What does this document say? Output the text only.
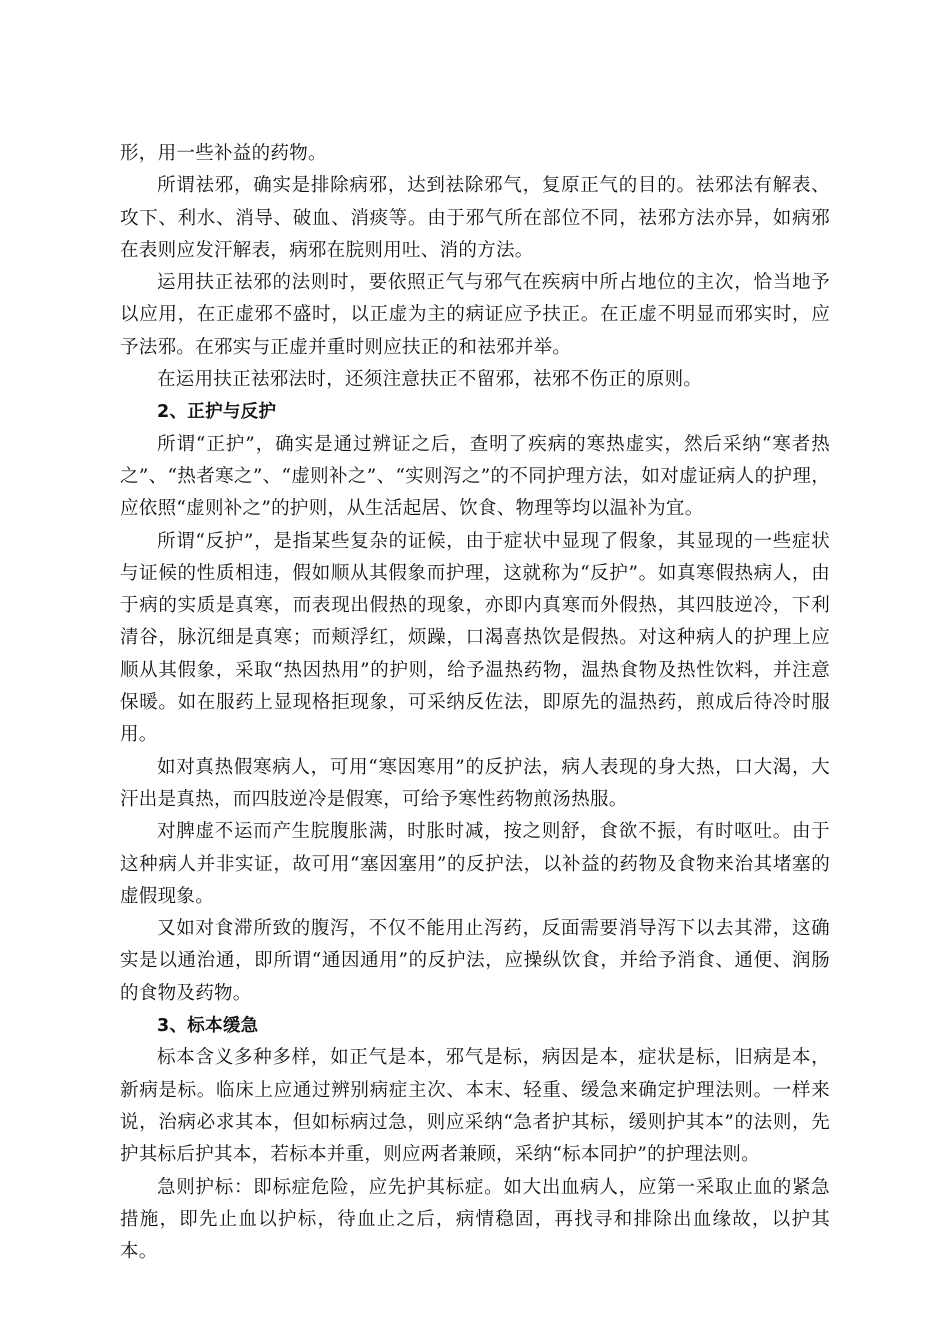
形，用一些补益的药物。

所谓祛邪，确实是排除病邪，达到祛除邪气，复原正气的目的。祛邪法有解表、攻下、利水、消导、破血、消痰等。由于邪气所在部位不同，祛邪方法亦异，如病邪在表则应发汗解表，病邪在脘则用吐、消的方法。

运用扶正祛邪的法则时，要依照正气与邪气在疾病中所占地位的主次，恰当地予以应用，在正虚邪不盛时，以正虚为主的病证应予扶正。在正虚不明显而邪实时，应予法邪。在邪实与正虚并重时则应扶正的和祛邪并举。

在运用扶正祛邪法时，还须注意扶正不留邪，祛邪不伤正的原则。

2、正护与反护

所谓“正护”，确实是通过辨证之后，查明了疾病的寒热虚实，然后采纳“寒者热之”、“热者寒之”、“虚则补之”、“实则泻之”的不同护理方法，如对虚证病人的护理，应依照“虚则补之”的护则，从生活起居、饮食、物理等均以温补为宜。

所谓“反护”，是指某些复杂的证候，由于症状中显现了假象，其显现的一些症状与证候的性质相违，假如顺从其假象而护理，这就称为“反护”。如真寒假热病人，由于病的实质是真寒，而表现出假热的现象，亦即内真寒而外假热，其四肢逆冷，下利清谷，脉沉细是真寒；而颊浮红，烦躁，口渴喜热饮是假热。对这种病人的护理上应顺从其假象，采取“热因热用”的护则，给予温热药物，温热食物及热性饮料，并注意保暖。如在服药上显现格拒现象，可采纳反佐法，即原先的温热药，煎成后待冷时服用。

如对真热假寒病人，可用“寒因寒用”的反护法，病人表现的身大热，口大渴，大汗出是真热，而四肢逆冷是假寒，可给予寒性药物煎汤热服。

对脾虚不运而产生脘腹胀满，时胀时减，按之则舒，食欲不振，有时呕吐。由于这种病人并非实证，故可用“塞因塞用”的反护法，以补益的药物及食物来治其堵塞的虚假现象。

又如对食滞所致的腹泻，不仅不能用止泻药，反面需要消导泻下以去其滞，这确实是以通治通，即所谓“通因通用”的反护法，应操纵饮食，并给予消食、通便、润肠的食物及药物。

3、标本缓急

标本含义多种多样，如正气是本，邪气是标，病因是本，症状是标，旧病是本，新病是标。临床上应通过辨别病症主次、本末、轻重、缓急来确定护理法则。一样来说，治病必求其本，但如标病过急，则应采纳“急者护其标，缓则护其本”的法则，先护其标后护其本，若标本并重，则应两者兼顾，采纳“标本同护”的护理法则。

急则护标：即标症危险，应先护其标症。如大出血病人，应第一采取止血的紧急措施，即先止血以护标，待血止之后，病情稳固，再找寻和排除出血缘故，以护其本。
